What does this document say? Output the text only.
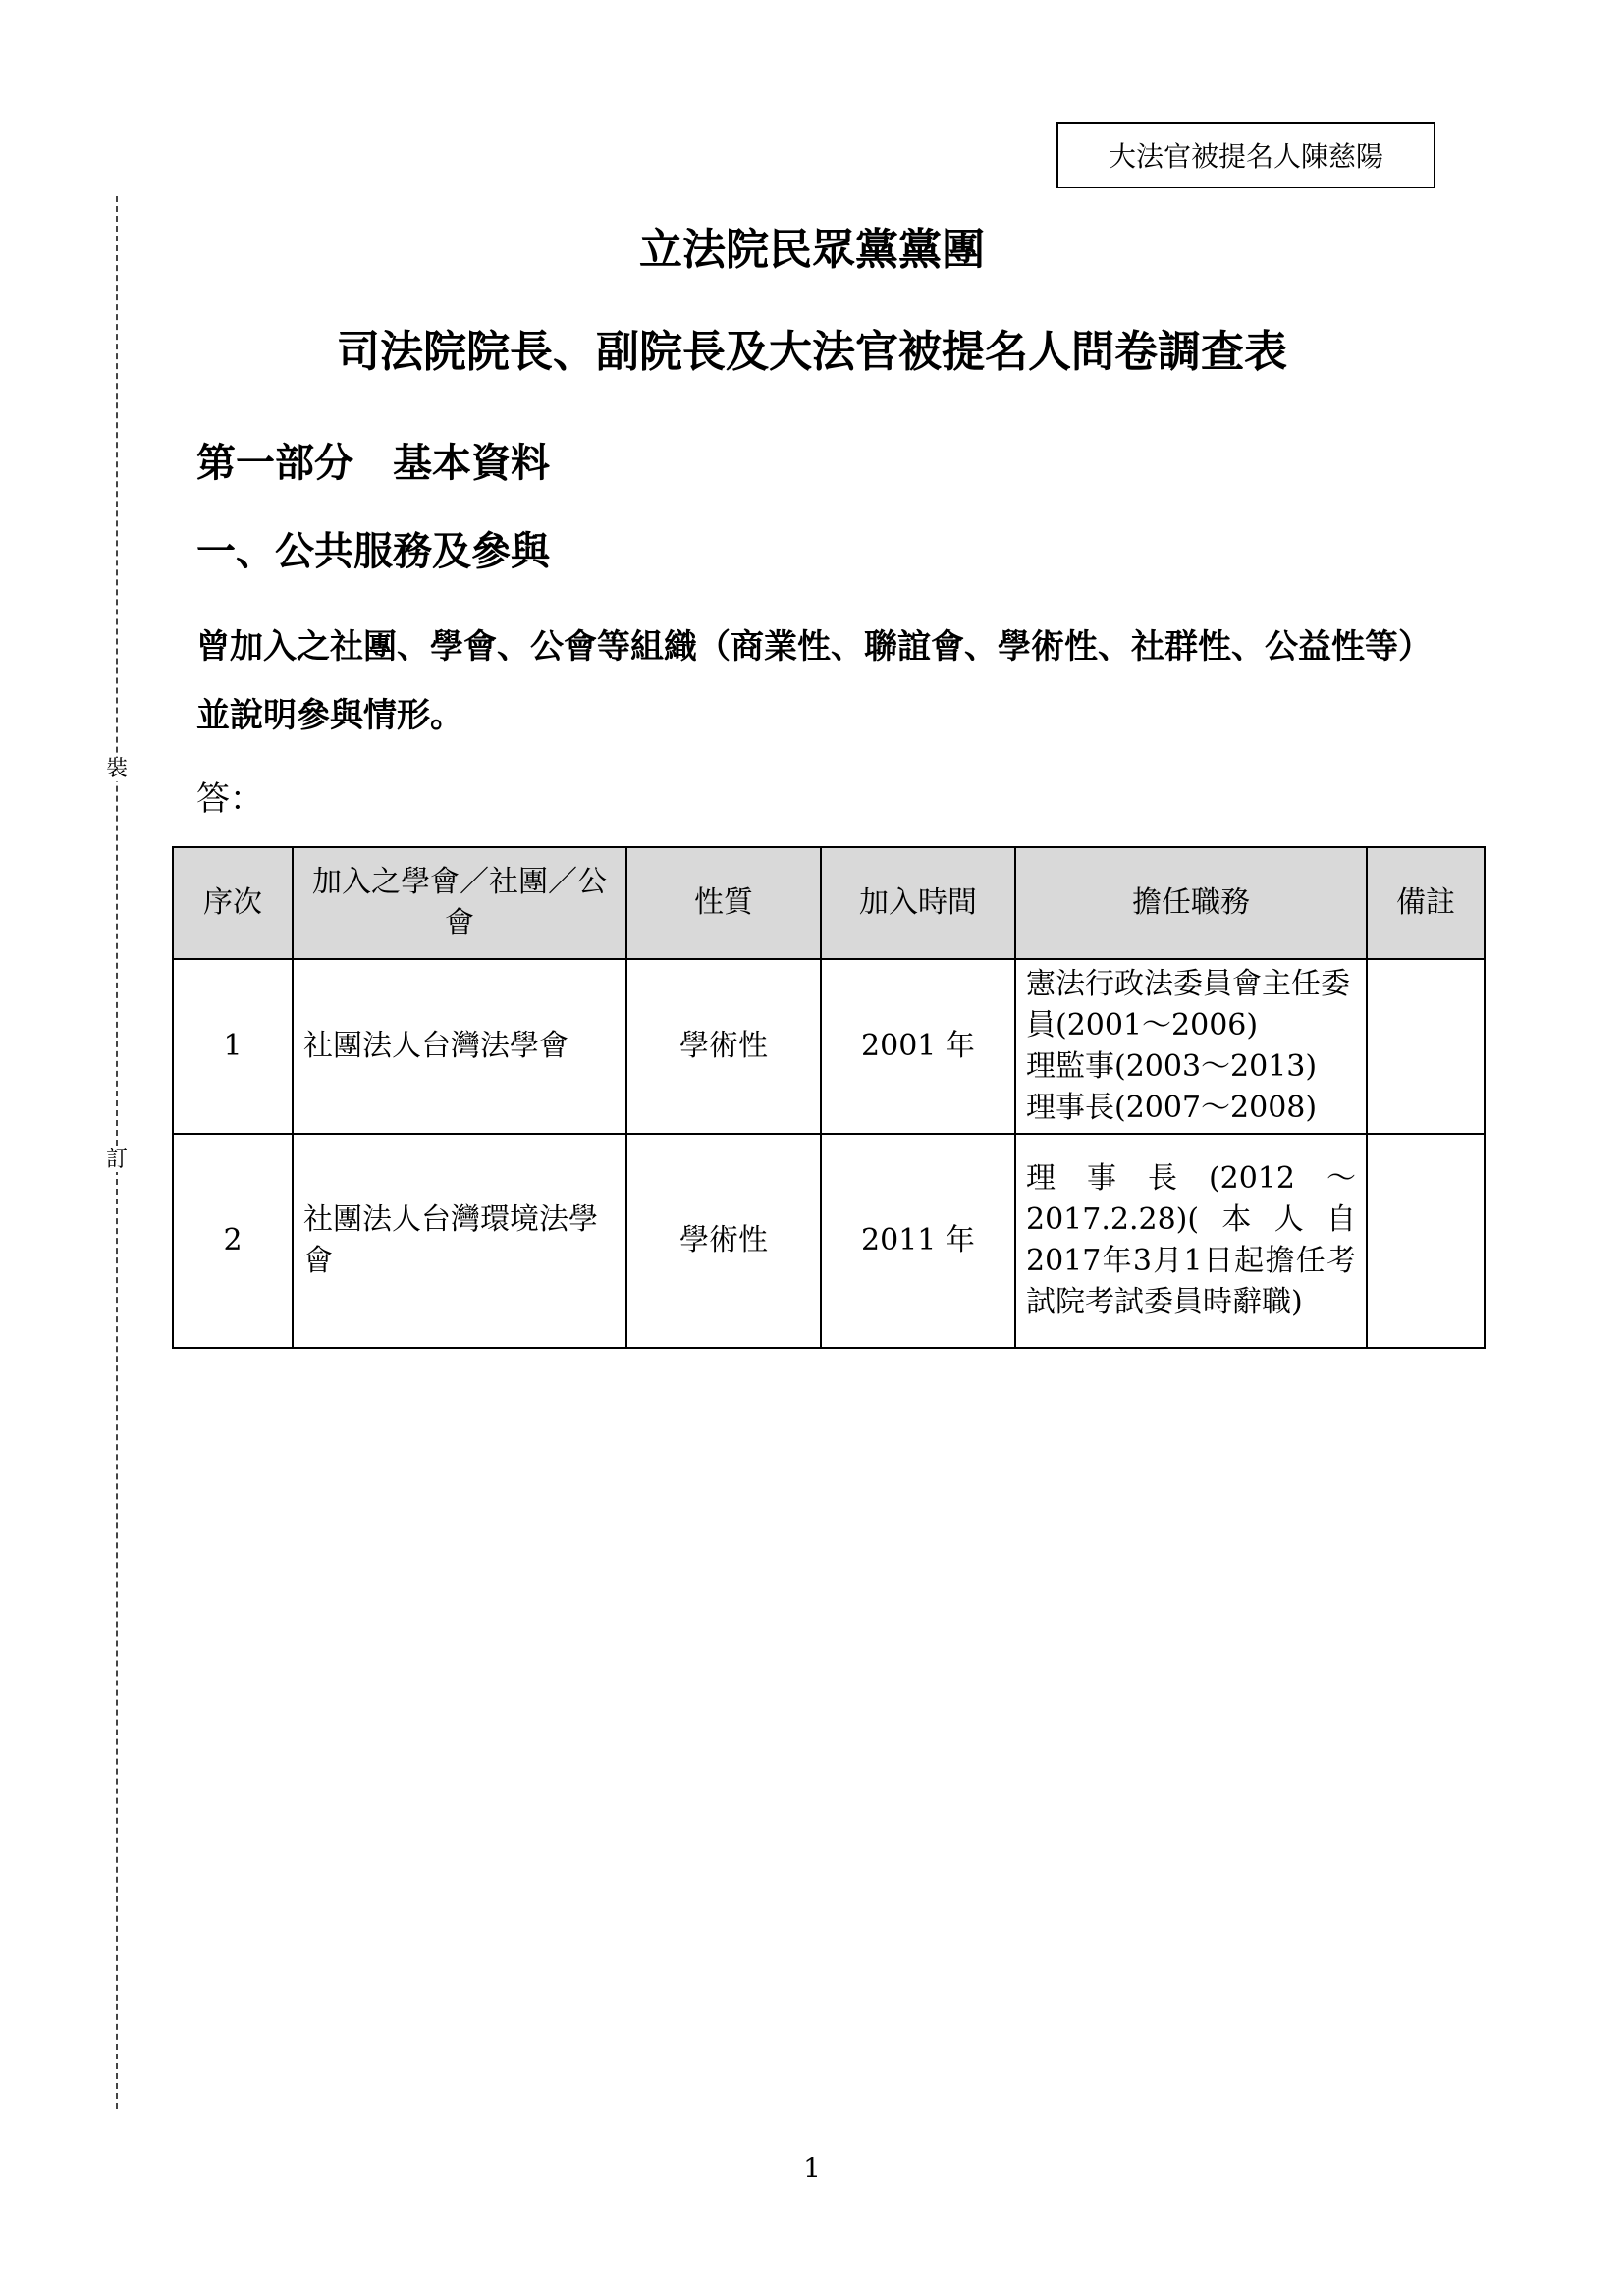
大法官被提名人陳慈陽
裝
訂
立法院民眾黨黨團
司法院院長、副院長及大法官被提名人問卷調查表
第一部分　基本資料
一、公共服務及參與
曾加入之社團、學會、公會等組織（商業性、聯誼會、學術性、社群性、公益性等）並說明參與情形。
答：
序次	加入之學會／社團／公會	性質	加入時間	擔任職務	備註
1	社團法人台灣法學會	學術性	2001 年	憲法行政法委員會主任委員(2001～2006)
理監事(2003～2013)
理事長(2007～2008)	

2	社團法人台灣環境法學會	學術性	2011 年	理事長(2012～2017.2.28)(本人自2017年3月1日起擔任考試院考試委員時辭職)	
1
